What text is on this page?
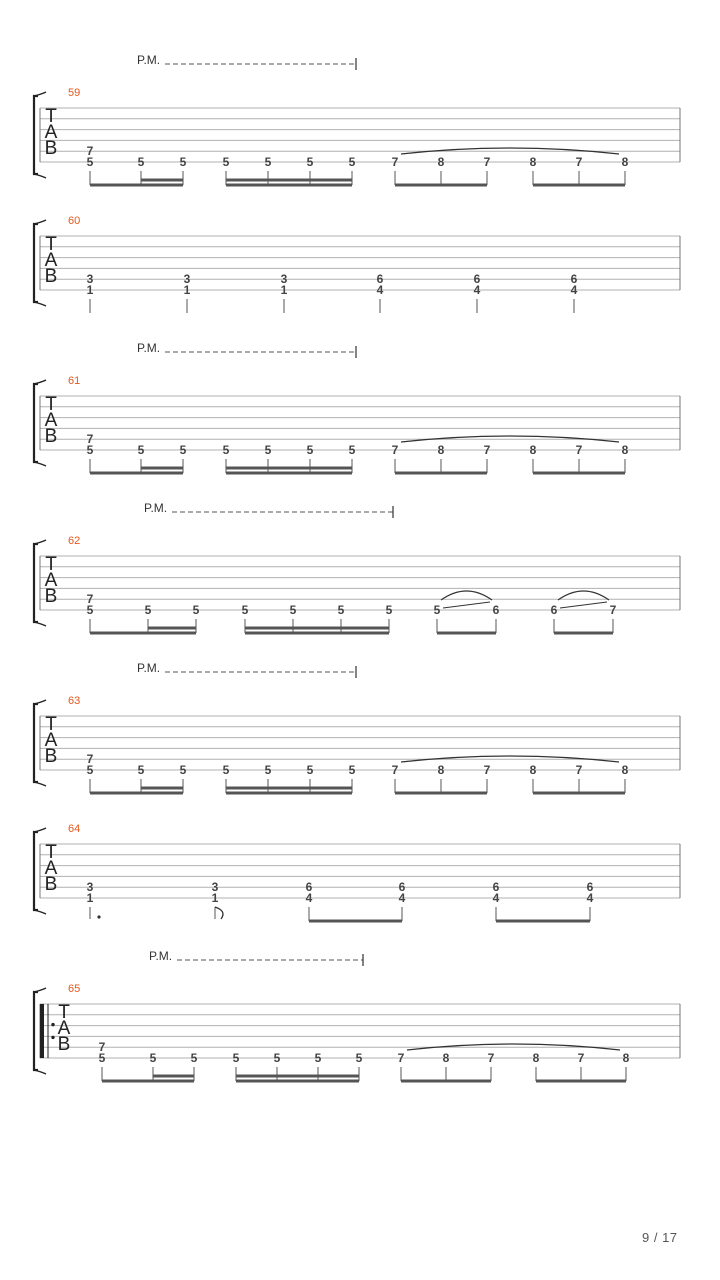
P.M.
59
T
A
B 7
5	5	5	5	5	5	5	7	8	7	8	7	8
60
T
A
B 3
1
3
1
3
1
6
4
6
4
6
4
P.M.
61
T
A
B 7
5	5	5	5	5	5	5	7	8	7	8	7	8
P.M.
62
T
A
B 7
5	5	5	5	5	5	5	5	6	6	7
P.M.
63
T
A
B 7
5	5	5	5	5	5	5	7	8	7	8	7	8
64
T
A
B 3
1
3
1
6
4
6
4
6
4
6
4
P.M.
65
T
A
B 7
5	5	5	5	5	5	5	7	8	7	8	7	8
9 / 17
